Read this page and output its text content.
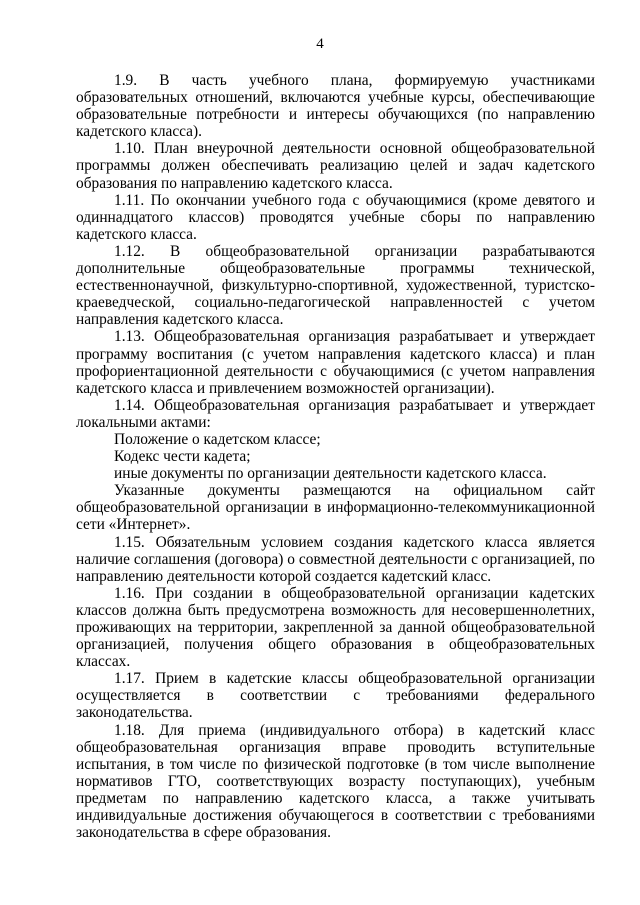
4

1.9. В часть учебного плана, формируемую участниками образовательных отношений, включаются учебные курсы, обеспечивающие образовательные потребности и интересы обучающихся (по направлению кадетского класса).

1.10. План внеурочной деятельности основной общеобразовательной программы должен обеспечивать реализацию целей и задач кадетского образования по направлению кадетского класса.

1.11. По окончании учебного года с обучающимися (кроме девятого и одиннадцатого классов) проводятся учебные сборы по направлению кадетского класса.

1.12. В общеобразовательной организации разрабатываются дополнительные общеобразовательные программы технической, естественнонаучной, физкультурно-спортивной, художественной, туристско-краеведческой, социально-педагогической направленностей с учетом направления кадетского класса.

1.13. Общеобразовательная организация разрабатывает и утверждает программу воспитания (с учетом направления кадетского класса) и план профориентационной деятельности с обучающимися (с учетом направления кадетского класса и привлечением возможностей организации).

1.14. Общеобразовательная организация разрабатывает и утверждает локальными актами:

Положение о кадетском классе;

Кодекс чести кадета;

иные документы по организации деятельности кадетского класса.

Указанные документы размещаются на официальном сайт общеобразовательной организации в информационно-телекоммуникационной сети «Интернет».

1.15. Обязательным условием создания кадетского класса является наличие соглашения (договора) о совместной деятельности с организацией, по направлению деятельности которой создается кадетский класс.

1.16. При создании в общеобразовательной организации кадетских классов должна быть предусмотрена возможность для несовершеннолетних, проживающих на территории, закрепленной за данной общеобразовательной организацией, получения общего образования в общеобразовательных классах.

1.17. Прием в кадетские классы общеобразовательной организации осуществляется в соответствии с требованиями федерального законодательства.

1.18. Для приема (индивидуального отбора) в кадетский класс общеобразовательная организация вправе проводить вступительные испытания, в том числе по физической подготовке (в том числе выполнение нормативов ГТО, соответствующих возрасту поступающих), учебным предметам по направлению кадетского класса, а также учитывать индивидуальные достижения обучающегося в соответствии с требованиями законодательства в сфере образования.
